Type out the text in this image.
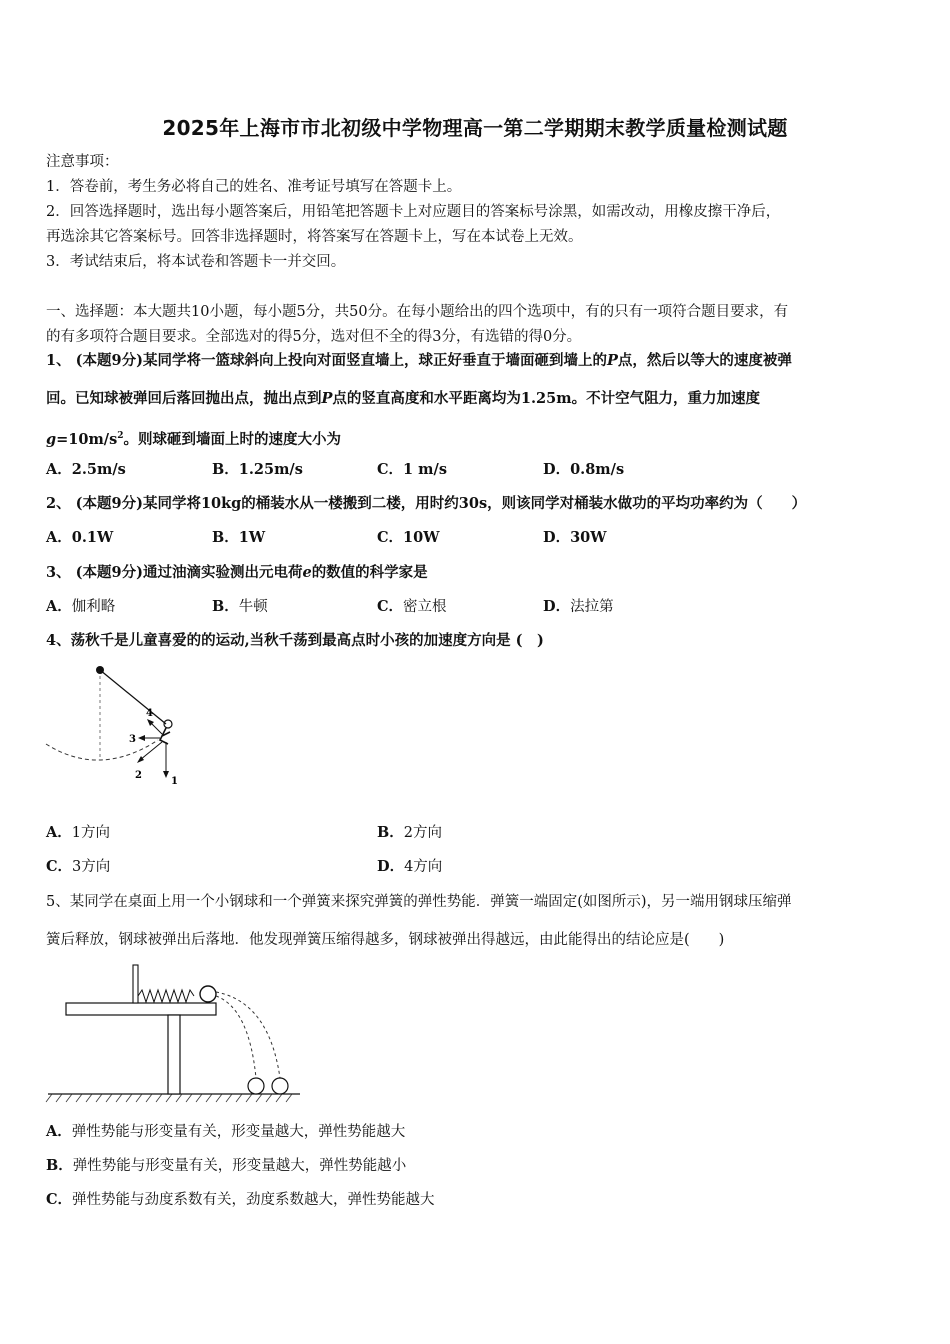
2025年上海市市北初级中学物理高一第二学期期末教学质量检测试题
注意事项：
1．答卷前，考生务必将自己的姓名、准考证号填写在答题卡上。
2．回答选择题时，选出每小题答案后，用铅笔把答题卡上对应题目的答案标号涂黑，如需改动，用橡皮擦干净后，
再选涂其它答案标号。回答非选择题时，将答案写在答题卡上，写在本试卷上无效。
3．考试结束后，将本试卷和答题卡一并交回。
一、选择题：本大题共10小题，每小题5分，共50分。在每小题给出的四个选项中，有的只有一项符合题目要求，有
的有多项符合题目要求。全部选对的得5分，选对但不全的得3分，有选错的得0分。
1、 (本题9分)某同学将一篮球斜向上投向对面竖直墙上，球正好垂直于墙面砸到墙上的P点，然后以等大的速度被弹
回。已知球被弹回后落回抛出点，抛出点到P点的竖直高度和水平距离均为1.25m。不计空气阻力，重力加速度
$g=10m/s^2$。则球砸到墙面上时的速度大小为
A．2.5m/s	B．1.25m/s	C．1 m/s	D．0.8m/s
2、 (本题9分)某同学将10kg的桶装水从一楼搬到二楼，用时约30s，则该同学对桶装水做功的平均功率约为（　　）
A．0.1W	B．1W	C．10W	D．30W
3、 (本题9分)通过油滴实验测出元电荷e的数值的科学家是
A．伽利略	B．牛顿	C．密立根	D．法拉第
4、荡秋千是儿童喜爱的的运动,当秋千荡到最高点时小孩的加速度方向是 (　)
1
2
3
4
A．1方向	B．2方向
C．3方向	D．4方向
5、某同学在桌面上用一个小钢球和一个弹簧来探究弹簧的弹性势能．弹簧一端固定(如图所示)，另一端用钢球压缩弹
簧后释放，钢球被弹出后落地．他发现弹簧压缩得越多，钢球被弹出得越远，由此能得出的结论应是(　　)
A．弹性势能与形变量有关，形变量越大，弹性势能越大
B．弹性势能与形变量有关，形变量越大，弹性势能越小
C．弹性势能与劲度系数有关，劲度系数越大，弹性势能越大
